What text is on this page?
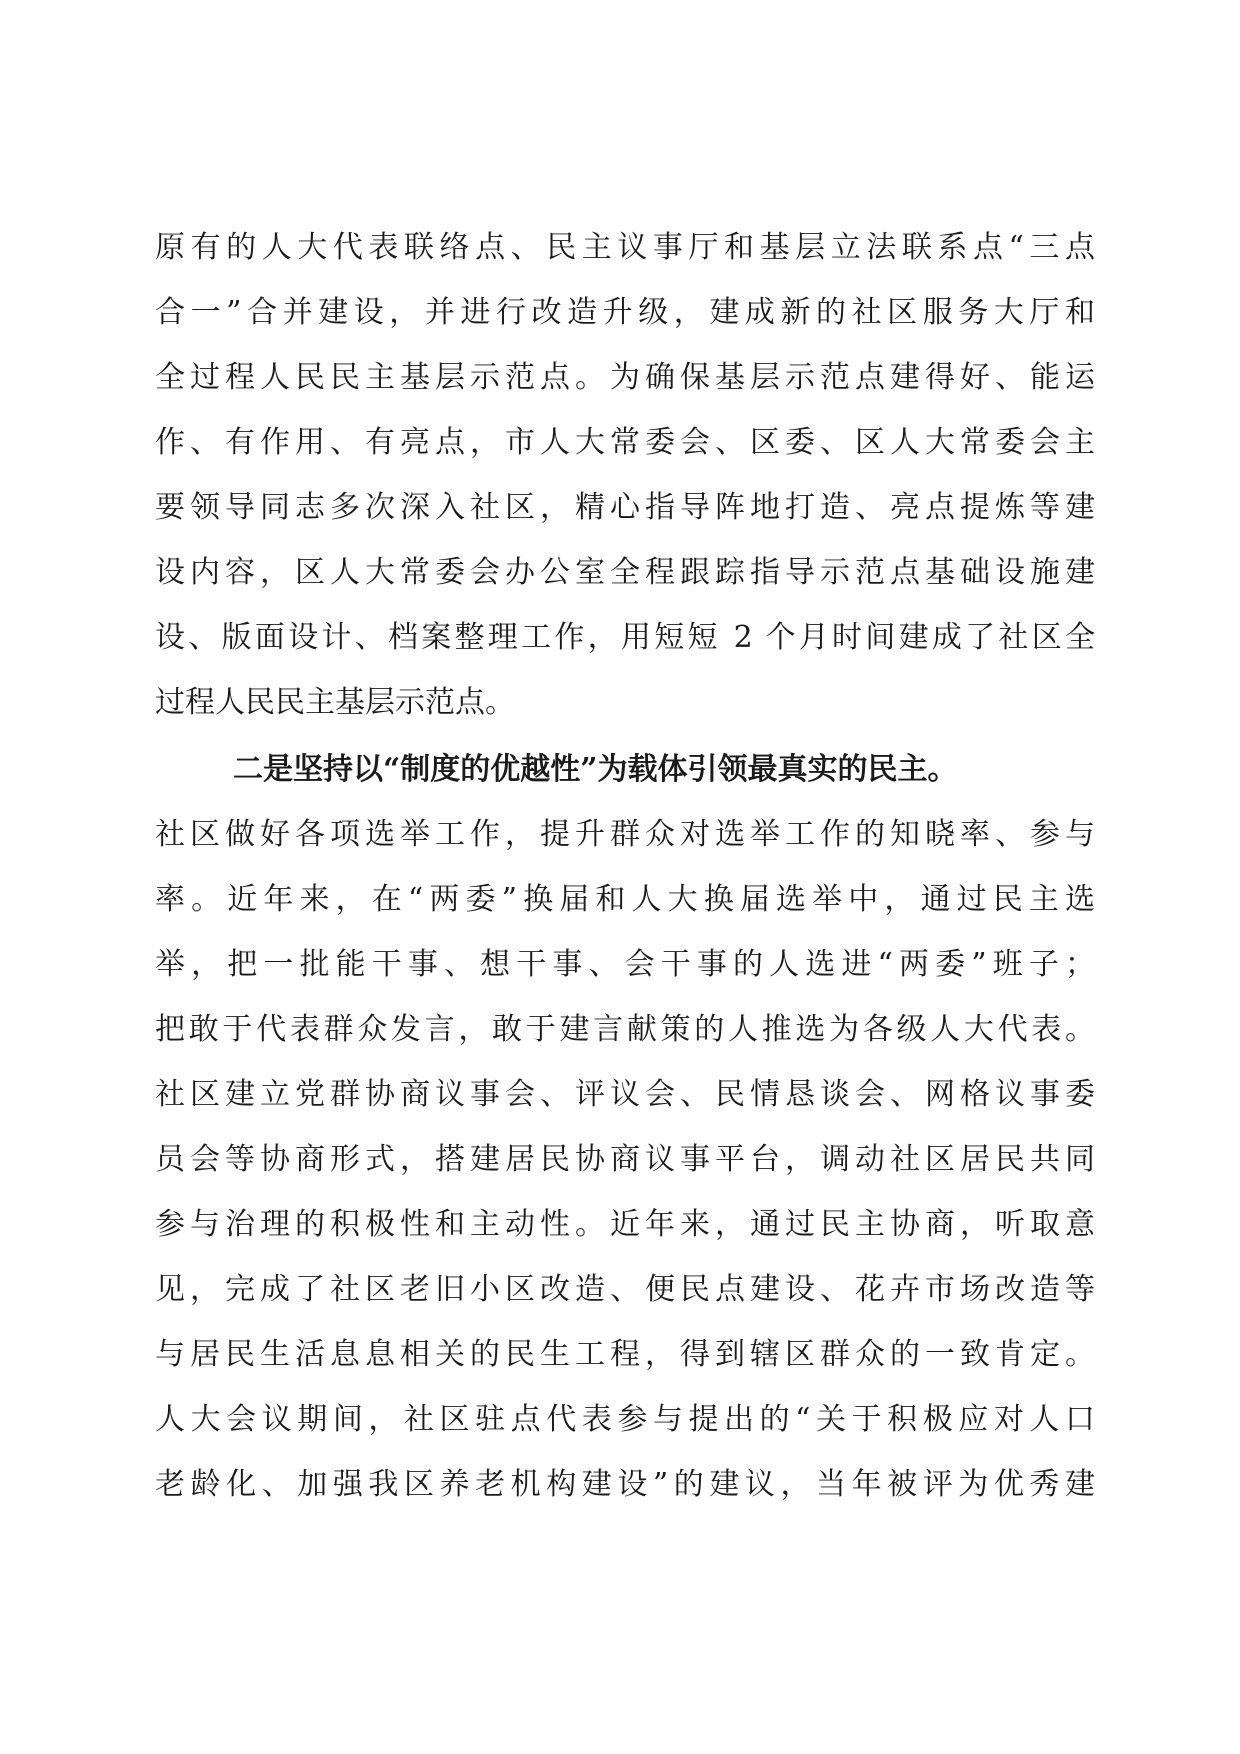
原有的人大代表联络点、民主议事厅和基层立法联系点“三点
合一”合并建设，并进行改造升级，建成新的社区服务大厅和
全过程人民民主基层示范点。为确保基层示范点建得好、能运
作、有作用、有亮点，市人大常委会、区委、区人大常委会主
要领导同志多次深入社区，精心指导阵地打造、亮点提炼等建
设内容，区人大常委会办公室全程跟踪指导示范点基础设施建
设、版面设计、档案整理工作，用短短 2 个月时间建成了社区全
过程人民民主基层示范点。
二是坚持以“制度的优越性”为载体引领最真实的民主。
社区做好各项选举工作，提升群众对选举工作的知晓率、参与
率。近年来，在“两委”换届和人大换届选举中，通过民主选
举，把一批能干事、想干事、会干事的人选进“两委”班子；
把敢于代表群众发言，敢于建言献策的人推选为各级人大代表。
社区建立党群协商议事会、评议会、民情恳谈会、网格议事委
员会等协商形式，搭建居民协商议事平台，调动社区居民共同
参与治理的积极性和主动性。近年来，通过民主协商，听取意
见，完成了社区老旧小区改造、便民点建设、花卉市场改造等
与居民生活息息相关的民生工程，得到辖区群众的一致肯定。
人大会议期间，社区驻点代表参与提出的“关于积极应对人口
老龄化、加强我区养老机构建设”的建议，当年被评为优秀建
